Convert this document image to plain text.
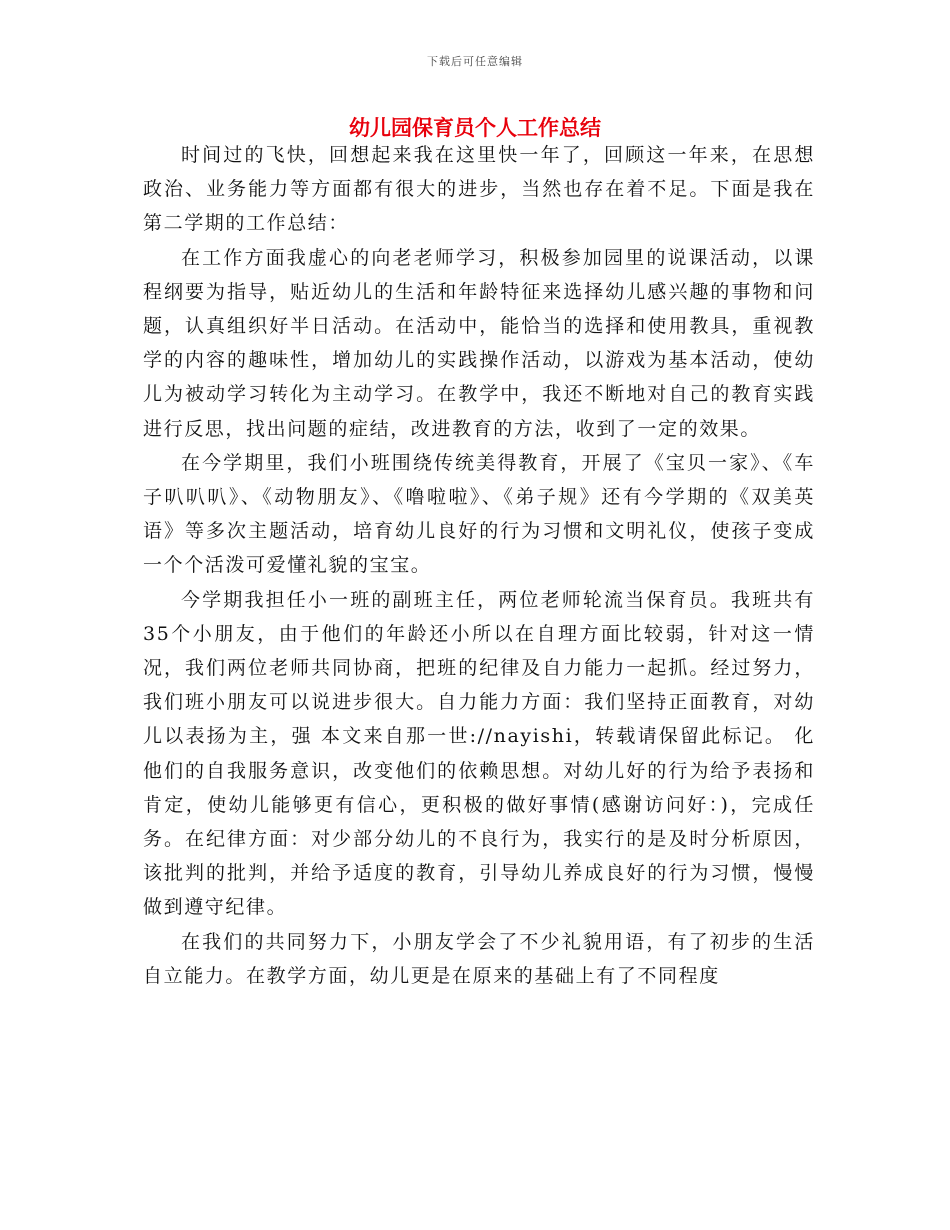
下载后可任意编辑
幼儿园保育员个人工作总结

时间过的飞快，回想起来我在这里快一年了，回顾这一年来，在思想政治、业务能力等方面都有很大的进步，当然也存在着不足。下面是我在第二学期的工作总结：

在工作方面我虚心的向老老师学习，积极参加园里的说课活动，以课程纲要为指导，贴近幼儿的生活和年龄特征来选择幼儿感兴趣的事物和问题，认真组织好半日活动。在活动中，能恰当的选择和使用教具，重视教学的内容的趣味性，增加幼儿的实践操作活动，以游戏为基本活动，使幼儿为被动学习转化为主动学习。在教学中，我还不断地对自己的教育实践进行反思，找出问题的症结，改进教育的方法，收到了一定的效果。

在今学期里，我们小班围绕传统美得教育，开展了《宝贝一家》、《车子叭叭叭》、《动物朋友》、《噜啦啦》、《弟子规》还有今学期的《双美英语》等多次主题活动，培育幼儿良好的行为习惯和文明礼仪，使孩子变成一个个活泼可爱懂礼貌的宝宝。

今学期我担任小一班的副班主任，两位老师轮流当保育员。我班共有35个小朋友，由于他们的年龄还小所以在自理方面比较弱，针对这一情况，我们两位老师共同协商，把班的纪律及自力能力一起抓。经过努力，我们班小朋友可以说进步很大。自力能力方面：我们坚持正面教育，对幼儿以表扬为主，强 本文来自那一世://nayishi，转载请保留此标记。 化他们的自我服务意识，改变他们的依赖思想。对幼儿好的行为给予表扬和肯定，使幼儿能够更有信心，更积极的做好事情(感谢访问好：)，完成任务。在纪律方面：对少部分幼儿的不良行为，我实行的是及时分析原因，该批判的批判，并给予适度的教育，引导幼儿养成良好的行为习惯，慢慢做到遵守纪律。

在我们的共同努力下，小朋友学会了不少礼貌用语，有了初步的生活自立能力。在教学方面，幼儿更是在原来的基础上有了不同程度
